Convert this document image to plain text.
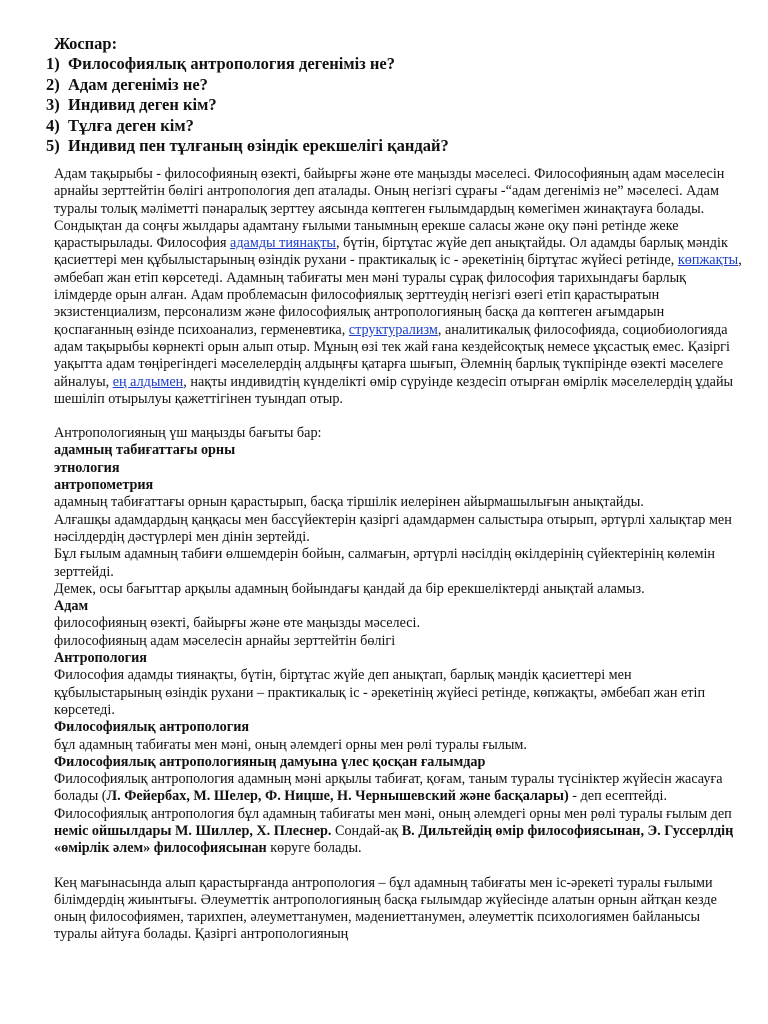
Жоспар:

1) Философиялық антропология дегеніміз не?
2) Адам дегеніміз не?
3) Индивид деген кім?
4) Тұлға деген кім?
5) Индивид пен тұлғаның өзіндік ерекшелігі қандай?

Адам тақырыбы - философияның өзекті, байырғы және өте маңызды мәселесі. Философияның адам мәселесін арнайы зерттейтін бөлігі антропология деп аталады. Оның негізгі сұрағы -“адам дегеніміз не” мәселесі. Адам туралы толық мәліметті пәнаралық зерттеу аясында көптеген ғылымдардың көмегімен жинақтауға болады. Сондықтан да соңғы жылдары адамтану ғылыми танымның ерекше саласы және оқу пәні ретінде жеке қарастырылады. Философия адамды тиянақты, бүтін, біртұтас жүйе деп анықтайды. Ол адамды барлық мәндік қасиеттері мен құбылыстарының өзіндік рухани - практикалық іс - әрекетінің біртұтас жүйесі ретінде, көпжақты, әмбебап жан етіп көрсетеді. Адамның табиғаты мен мәні туралы сұрақ философия тарихындағы барлық ілімдерде орын алған. Адам проблемасын философиялық зерттеудің негізгі өзегі етіп қарастыратын экзистенциализм, персонализм және философиялық антропологияның басқа да көптеген ағымдарын қоспағанның өзінде психоанализ, герменевтика, структурализм, аналитикалық философияда, социобиологияда адам тақырыбы көрнекті орын алып отыр. Мұның өзі тек жай ғана кездейсоқтық немесе ұқсастық емес. Қазіргі уақытта адам төңірегіндегі мәселелердің алдыңғы қатарға шығып, Әлемнің барлық түкпірінде өзекті мәселеге айналуы, ең алдымен, нақты индивидтің күнделікті өмір сүруінде кездесіп отырған өмірлік мәселелердің ұдайы шешіліп отырылуы қажеттігінен туындап отыр.

Антропологияның үш маңызды бағыты бар:

адамның табиғаттағы орны

этнология

антропометрия

адамның табиғаттағы орнын қарастырып, басқа тіршілік иелерінен айырмашылығын анықтайды.

Алғашқы адамдардың қаңқасы мен бассүйектерін қазіргі адамдармен салыстыра отырып, әртүрлі халықтар мен нәсілдердің дәстүрлері мен дінін зертейді.

Бұл ғылым адамның табиғи өлшемдерін бойын, салмағын, әртүрлі нәсілдің өкілдерінің сүйектерінің көлемін зерттейді.

Демек, осы бағыттар арқылы адамның бойындағы қандай да бір ерекшеліктерді анықтай аламыз.

Адам

философияның өзекті, байырғы және өте маңызды мәселесі.

философияның адам мәселесін арнайы зерттейтін бөлігі

Антропология

Философия адамды тиянақты, бүтін, біртұтас жүйе деп анықтап, барлық мәндік қасиеттері мен құбылыстарының өзіндік рухани – практикалық іс - әрекетінің жүйесі ретінде, көпжақты, әмбебап жан етіп көрсетеді.

Философиялық антропология

бұл адамның табиғаты мен мәні, оның әлемдегі орны мен рөлі туралы ғылым.

Философиялық антропологияның дамуына үлес қосқан ғалымдар

Философиялық антропология адамның мәні арқылы табиғат, қоғам, таным туралы түсініктер жүйесін жасауға болады (Л. Фейербах, М. Шелер, Ф. Ницше, Н. Чернышевский және басқалары) - деп есептейді.

Философиялық антропология бұл адамның табиғаты мен мәні, оның әлемдегі орны мен рөлі туралы ғылым деп неміс ойшылдары М. Шиллер, Х. Плеснер. Сондай-ақ В. Дильтейдің өмір философиясынан, Э. Гуссерлдің «өмірлік әлем» философиясынан көруге болады.

Кең мағынасында алып қарастырғанда антропология – бұл адамның табиғаты мен іс-әрекеті туралы ғылыми білімдердің жиынтығы. Әлеуметтік антропологияның басқа ғылымдар жүйесінде алатын орнын айтқан кезде оның философиямен, тарихпен, әлеуметтанумен, мәдениеттанумен, әлеуметтік психологиямен байланысы туралы айтуға болады. Қазіргі антропологияның
